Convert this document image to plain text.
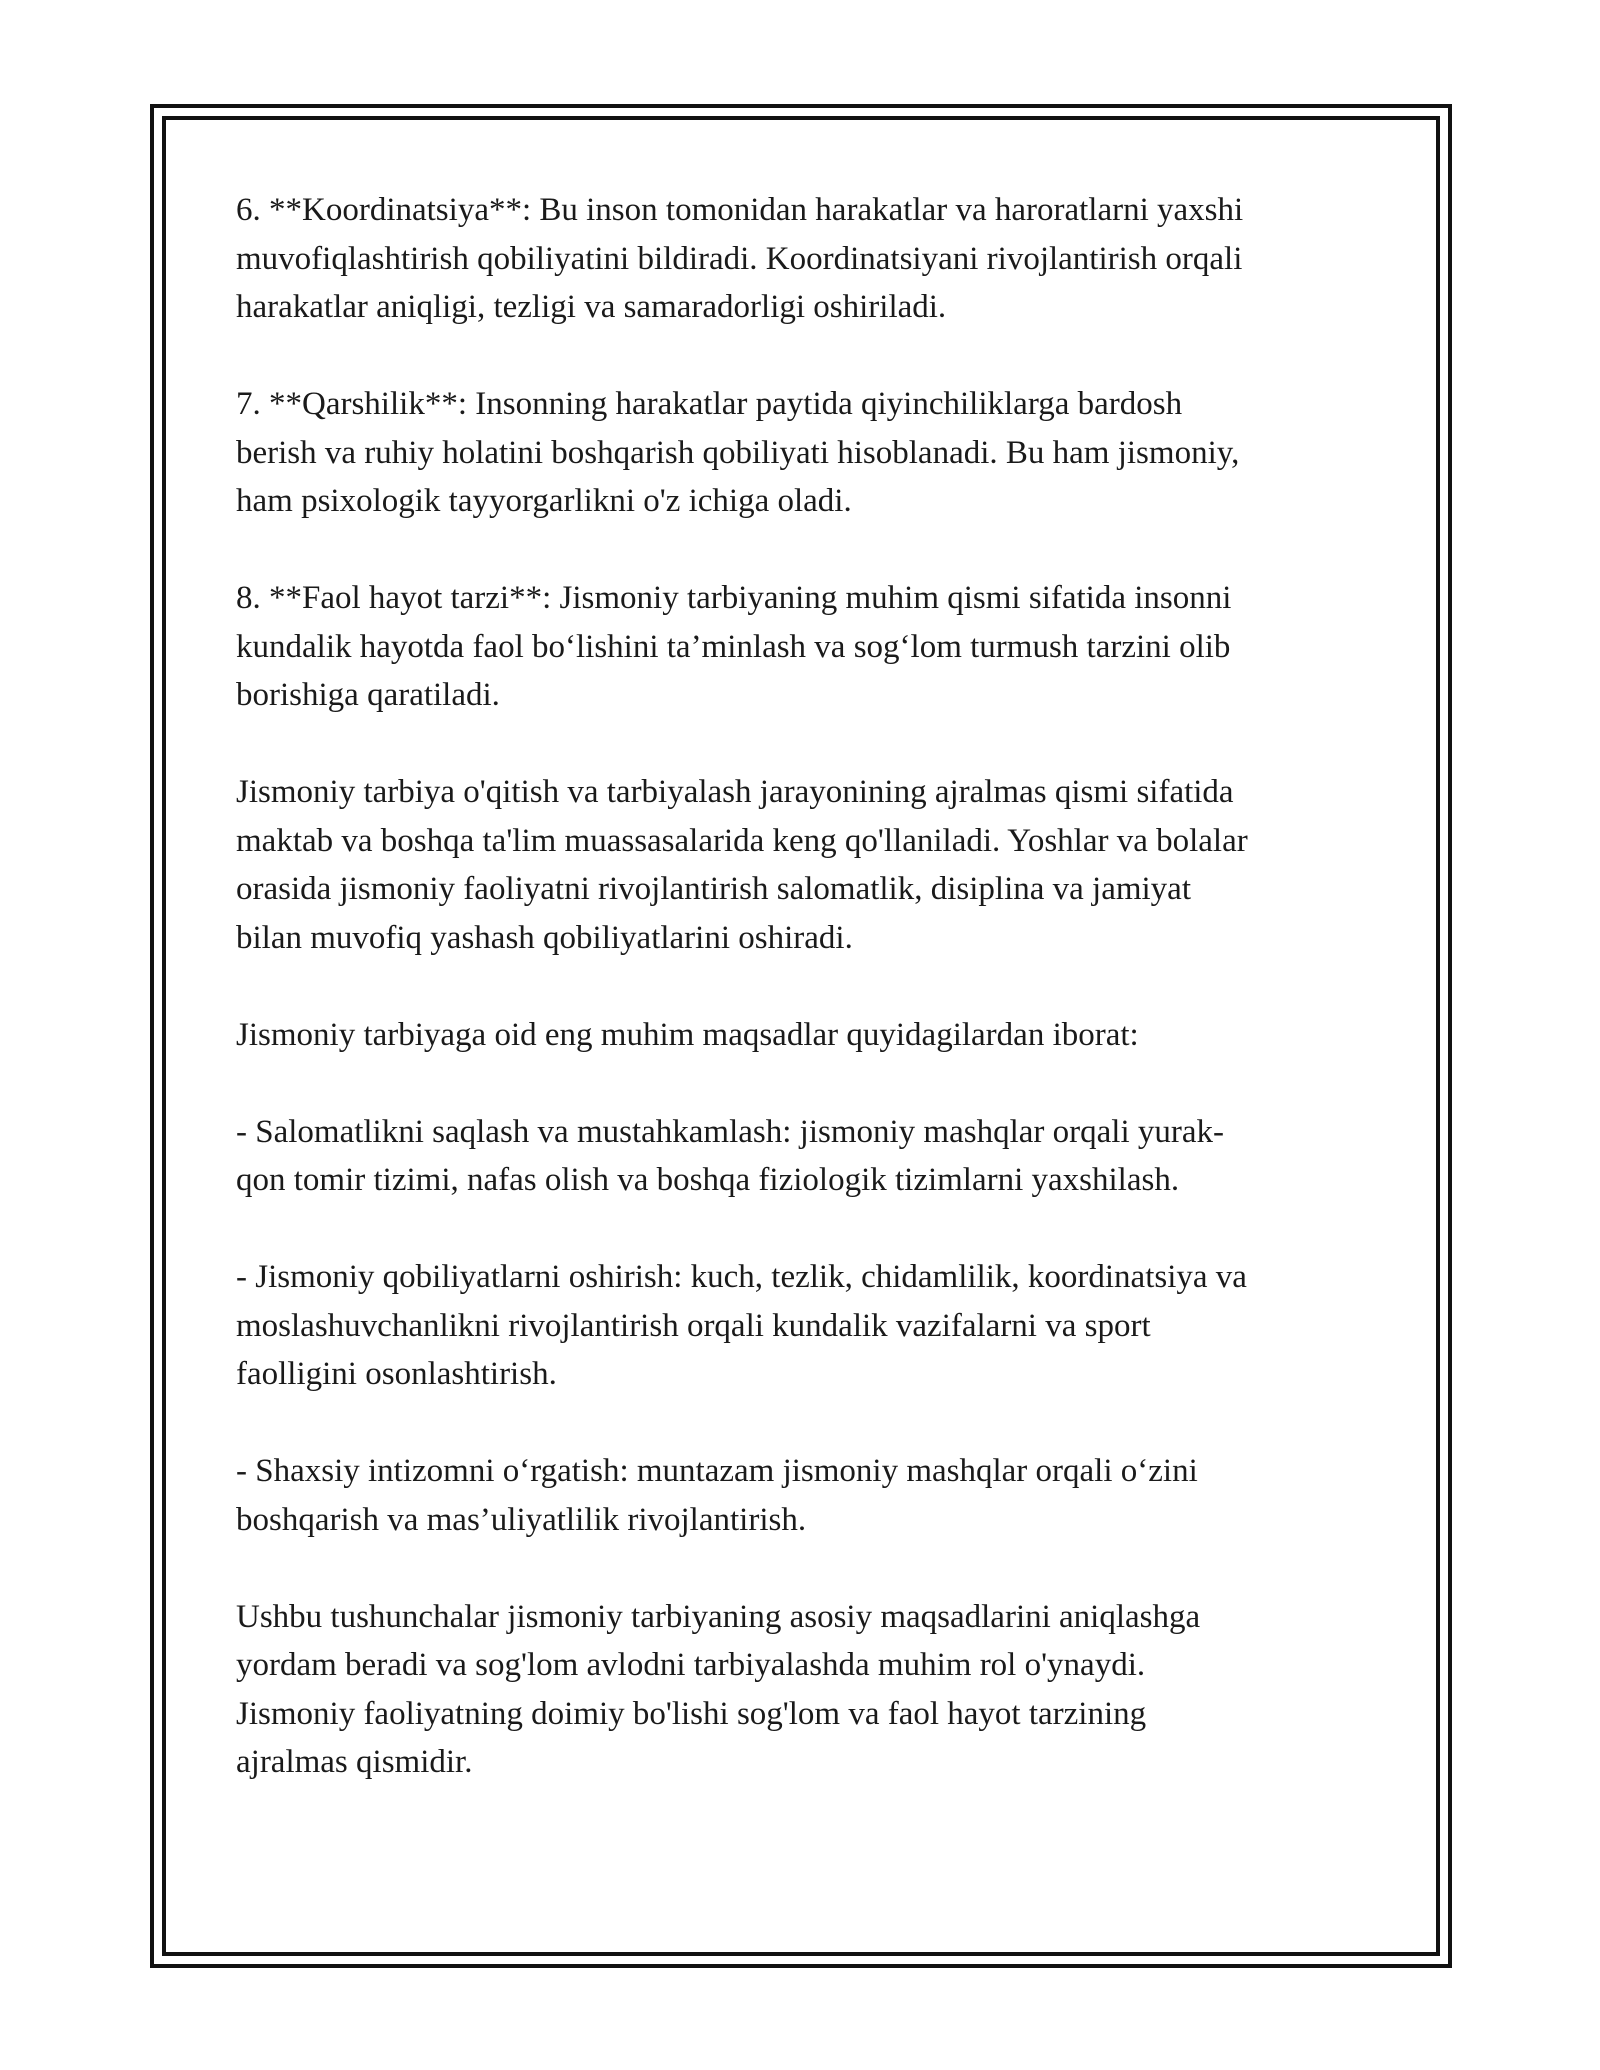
6. **Koordinatsiya**: Bu inson tomonidan harakatlar va haroratlarni yaxshi
muvofiqlashtirish qobiliyatini bildiradi. Koordinatsiyani rivojlantirish orqali
harakatlar aniqligi, tezligi va samaradorligi oshiriladi.

7. **Qarshilik**: Insonning harakatlar paytida qiyinchiliklarga bardosh
berish va ruhiy holatini boshqarish qobiliyati hisoblanadi. Bu ham jismoniy,
ham psixologik tayyorgarlikni o'z ichiga oladi.

8. **Faol hayot tarzi**: Jismoniy tarbiyaning muhim qismi sifatida insonni
kundalik hayotda faol bo‘lishini ta’minlash va sog‘lom turmush tarzini olib
borishiga qaratiladi.

Jismoniy tarbiya o'qitish va tarbiyalash jarayonining ajralmas qismi sifatida
maktab va boshqa ta'lim muassasalarida keng qo'llaniladi. Yoshlar va bolalar
orasida jismoniy faoliyatni rivojlantirish salomatlik, disiplina va jamiyat
bilan muvofiq yashash qobiliyatlarini oshiradi.

Jismoniy tarbiyaga oid eng muhim maqsadlar quyidagilardan iborat:

- Salomatlikni saqlash va mustahkamlash: jismoniy mashqlar orqali yurak-
qon tomir tizimi, nafas olish va boshqa fiziologik tizimlarni yaxshilash.

- Jismoniy qobiliyatlarni oshirish: kuch, tezlik, chidamlilik, koordinatsiya va
moslashuvchanlikni rivojlantirish orqali kundalik vazifalarni va sport
faolligini osonlashtirish.

- Shaxsiy intizomni o‘rgatish: muntazam jismoniy mashqlar orqali o‘zini
boshqarish va mas’uliyatlilik rivojlantirish.

Ushbu tushunchalar jismoniy tarbiyaning asosiy maqsadlarini aniqlashga
yordam beradi va sog'lom avlodni tarbiyalashda muhim rol o'ynaydi.
Jismoniy faoliyatning doimiy bo'lishi sog'lom va faol hayot tarzining
ajralmas qismidir.
